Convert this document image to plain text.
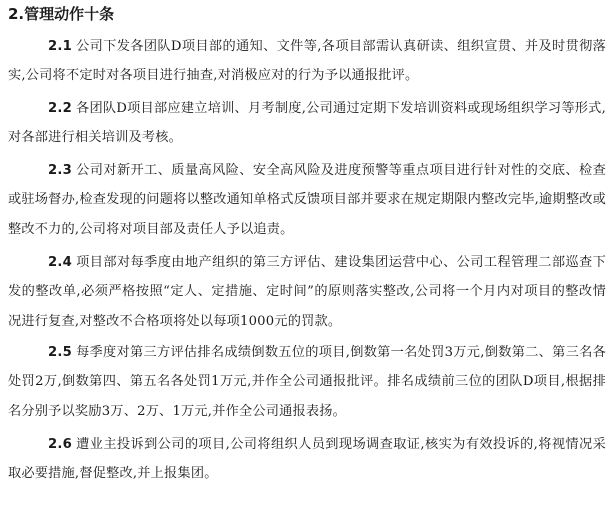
2.管理动作十条
2.1 公司下发各团队D项目部的通知、文件等,各项目部需认真研读、组织宣贯、并及时贯彻落实,公司将不定时对各项目进行抽查,对消极应对的行为予以通报批评。
2.2 各团队D项目部应建立培训、月考制度,公司通过定期下发培训资料或现场组织学习等形式,对各部进行相关培训及考核。
2.3 公司对新开工、质量高风险、安全高风险及进度预警等重点项目进行针对性的交底、检查或驻场督办,检查发现的问题将以整改通知单格式反馈项目部并要求在规定期限内整改完毕,逾期整改或整改不力的,公司将对项目部及责任人予以追责。
2.4 项目部对每季度由地产组织的第三方评估、建设集团运营中心、公司工程管理二部巡查下发的整改单,必须严格按照“定人、定措施、定时间”的原则落实整改,公司将一个月内对项目的整改情况进行复查,对整改不合格项将处以每项1000元的罚款。
2.5 每季度对第三方评估排名成绩倒数五位的项目,倒数第一名处罚3万元,倒数第二、第三名各处罚2万,倒数第四、第五名各处罚1万元,并作全公司通报批评。排名成绩前三位的团队D项目,根据排名分别予以奖励3万、2万、1万元,并作全公司通报表扬。
2.6 遭业主投诉到公司的项目,公司将组织人员到现场调查取证,核实为有效投诉的,将视情况采取必要措施,督促整改,并上报集团。
